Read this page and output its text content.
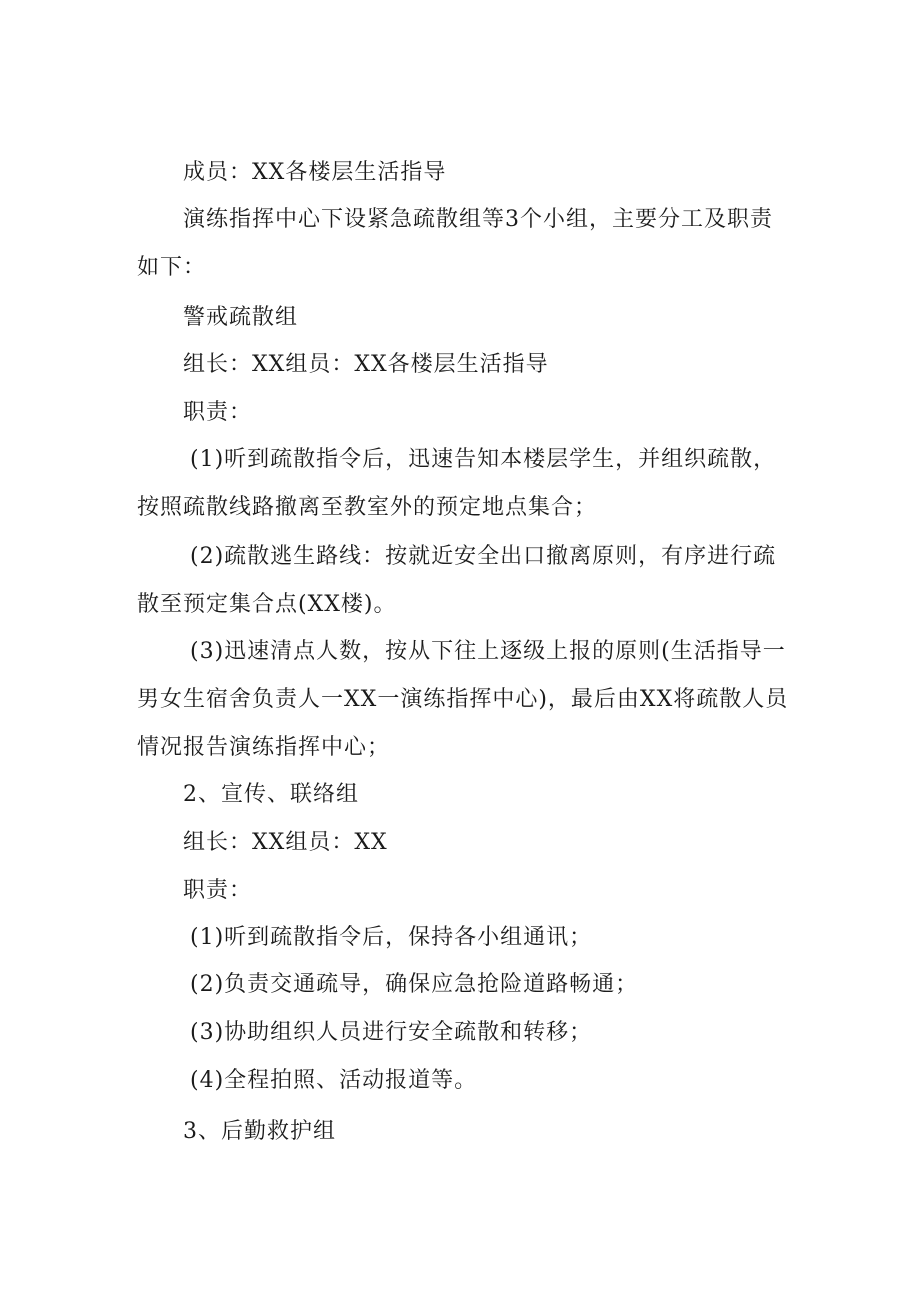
成员：XX各楼层生活指导
演练指挥中心下设紧急疏散组等3个小组，主要分工及职责
如下：
警戒疏散组
组长：XX组员：XX各楼层生活指导
职责：
(1)听到疏散指令后，迅速告知本楼层学生，并组织疏散，
按照疏散线路撤离至教室外的预定地点集合；
(2)疏散逃生路线：按就近安全出口撤离原则，有序进行疏
散至预定集合点(XX楼)。
(3)迅速清点人数，按从下往上逐级上报的原则(生活指导一
男女生宿舍负责人一XX一演练指挥中心)，最后由XX将疏散人员
情况报告演练指挥中心；
2、宣传、联络组
组长：XX组员：XX
职责：
(1)听到疏散指令后，保持各小组通讯；
(2)负责交通疏导，确保应急抢险道路畅通；
(3)协助组织人员进行安全疏散和转移；
(4)全程拍照、活动报道等。
3、后勤救护组
